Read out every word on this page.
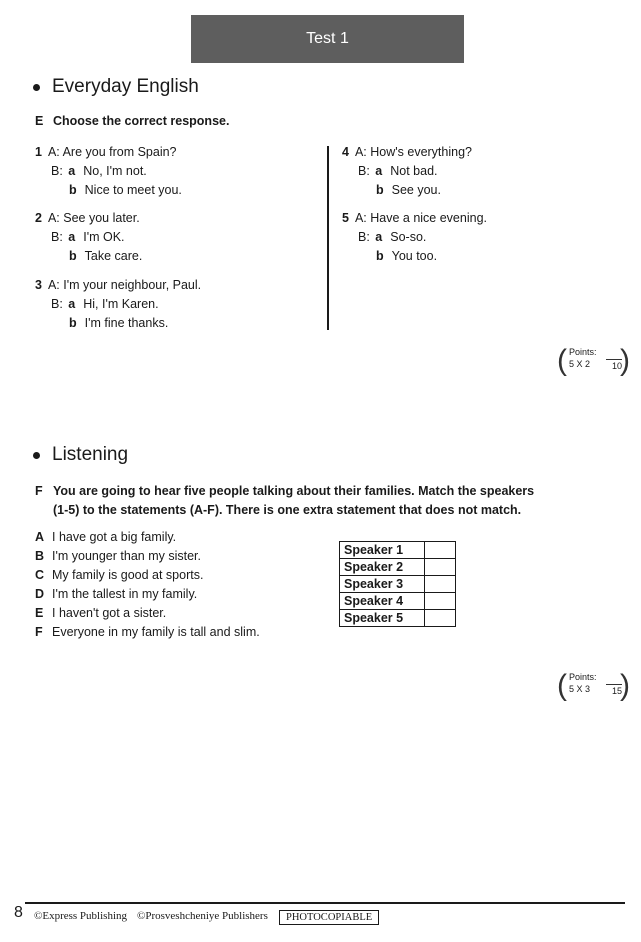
Test 1
Everyday English
E Choose the correct response.
1 A: Are you from Spain?
B: a No, I'm not.
b Nice to meet you.
2 A: See you later.
B: a I'm OK.
b Take care.
3 A: I'm your neighbour, Paul.
B: a Hi, I'm Karen.
b I'm fine thanks.
4 A: How's everything?
B: a Not bad.
b See you.
5 A: Have a nice evening.
B: a So-so.
b You too.
( Points:
5 X 2	10
)
Listening
F You are going to hear five people talking about their families. Match the speakers
(1-5) to the statements (A-F). There is one extra statement that does not match.
A I have got a big family.
B I'm younger than my sister.
C My family is good at sports.
D I'm the tallest in my family.
E I haven't got a sister.
F Everyone in my family is tall and slim.
Speaker 1	
Speaker 2	
Speaker 3	
Speaker 4	
Speaker 5	
( Points:
5 X 3	15
)
8 ©Express Publishing ©Prosveshcheniye Publishers	PHOTOCOPIABLE
